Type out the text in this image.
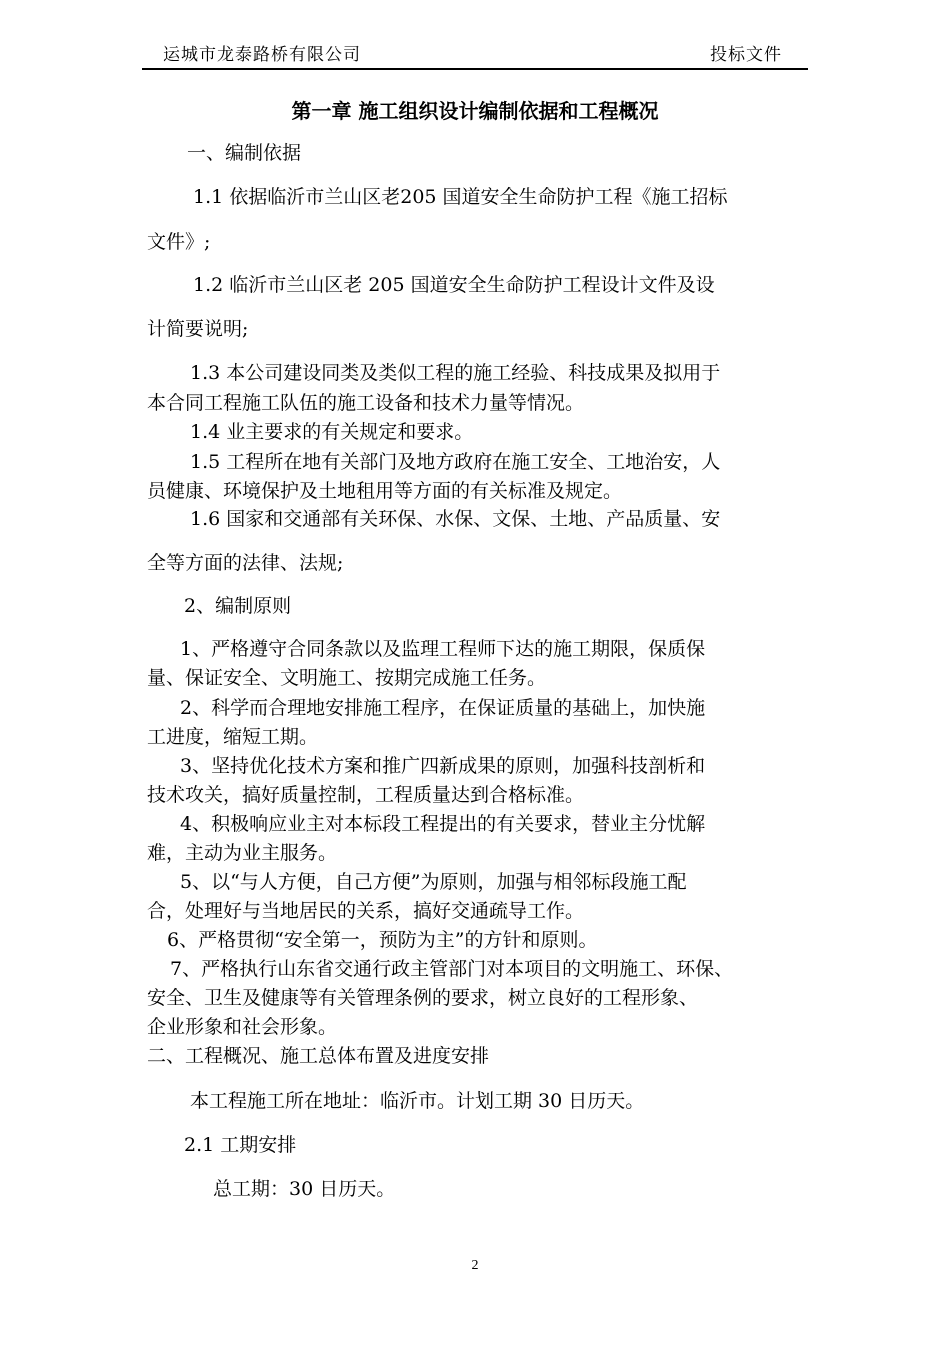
运城市龙泰路桥有限公司	投标文件
第一章 施工组织设计编制依据和工程概况
一、编制依据
1.1 依据临沂市兰山区老205 国道安全生命防护工程《施工招标
文件》;
1.2 临沂市兰山区老 205 国道安全生命防护工程设计文件及设
计简要说明;
1.3 本公司建设同类及类似工程的施工经验、科技成果及拟用于
本合同工程施工队伍的施工设备和技术力量等情况。
1.4 业主要求的有关规定和要求。
1.5 工程所在地有关部门及地方政府在施工安全、工地治安，人
员健康、环境保护及土地租用等方面的有关标准及规定。
1.6 国家和交通部有关环保、水保、文保、土地、产品质量、安
全等方面的法律、法规;
2、编制原则
1、严格遵守合同条款以及监理工程师下达的施工期限，保质保
量、保证安全、文明施工、按期完成施工任务。
2、科学而合理地安排施工程序，在保证质量的基础上，加快施
工进度，缩短工期。
3、坚持优化技术方案和推广四新成果的原则，加强科技剖析和
技术攻关，搞好质量控制，工程质量达到合格标准。
4、积极响应业主对本标段工程提出的有关要求，替业主分忧解
难，主动为业主服务。
5、以“与人方便，自己方便”为原则，加强与相邻标段施工配
合，处理好与当地居民的关系，搞好交通疏导工作。
6、严格贯彻“安全第一，预防为主”的方针和原则。
7、严格执行山东省交通行政主管部门对本项目的文明施工、环保、
安全、卫生及健康等有关管理条例的要求，树立良好的工程形象、
企业形象和社会形象。
二、工程概况、施工总体布置及进度安排
本工程施工所在地址：临沂市。计划工期 30 日历天。
2.1 工期安排
总工期：30 日历天。
2
